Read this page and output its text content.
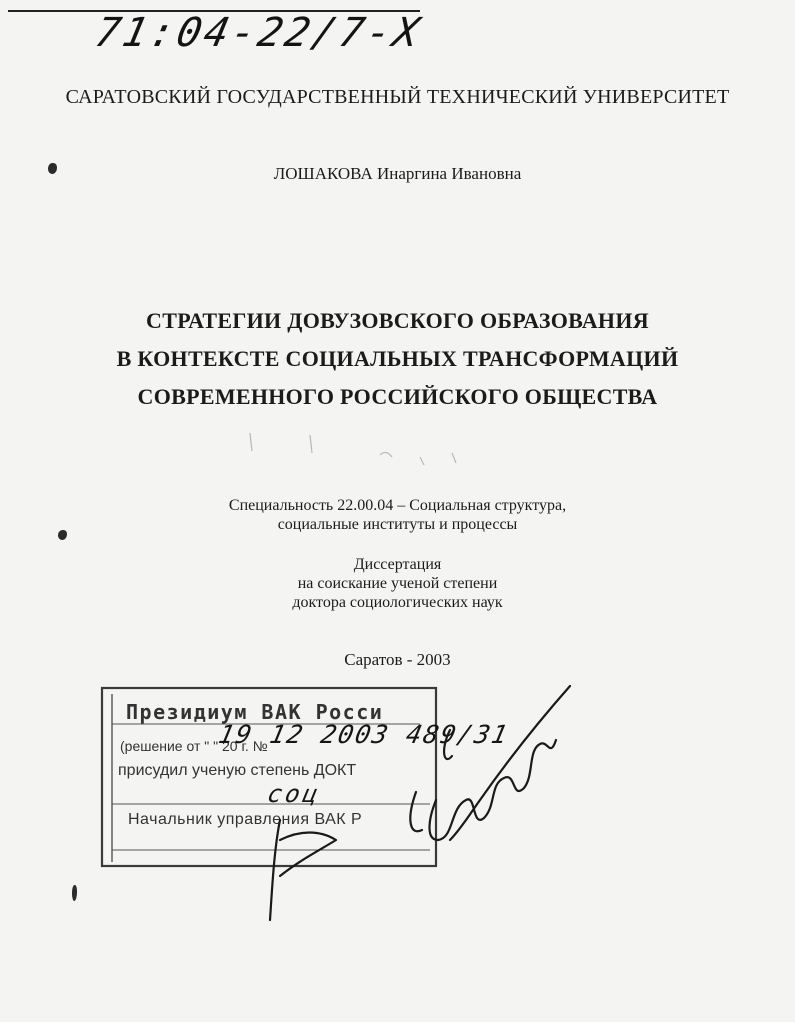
71:04-22/7-X
САРАТОВСКИЙ ГОСУДАРСТВЕННЫЙ ТЕХНИЧЕСКИЙ УНИВЕРСИТЕТ
ЛОШАКОВА Инаргина Ивановна
СТРАТЕГИИ ДОВУЗОВСКОГО ОБРАЗОВАНИЯ
В КОНТЕКСТЕ СОЦИАЛЬНЫХ ТРАНСФОРМАЦИЙ
СОВРЕМЕННОГО РОССИЙСКОГО ОБЩЕСТВА
Специальность 22.00.04 – Социальная структура,
социальные институты и процессы
Диссертация
на соискание ученой степени
доктора социологических наук
Саратов - 2003
Президиум ВАК Росси
(решение от " " 20 г. №
19 12 2003 489/31
присудил ученую степень ДОКТ
соц
Начальник управления ВАК Р
